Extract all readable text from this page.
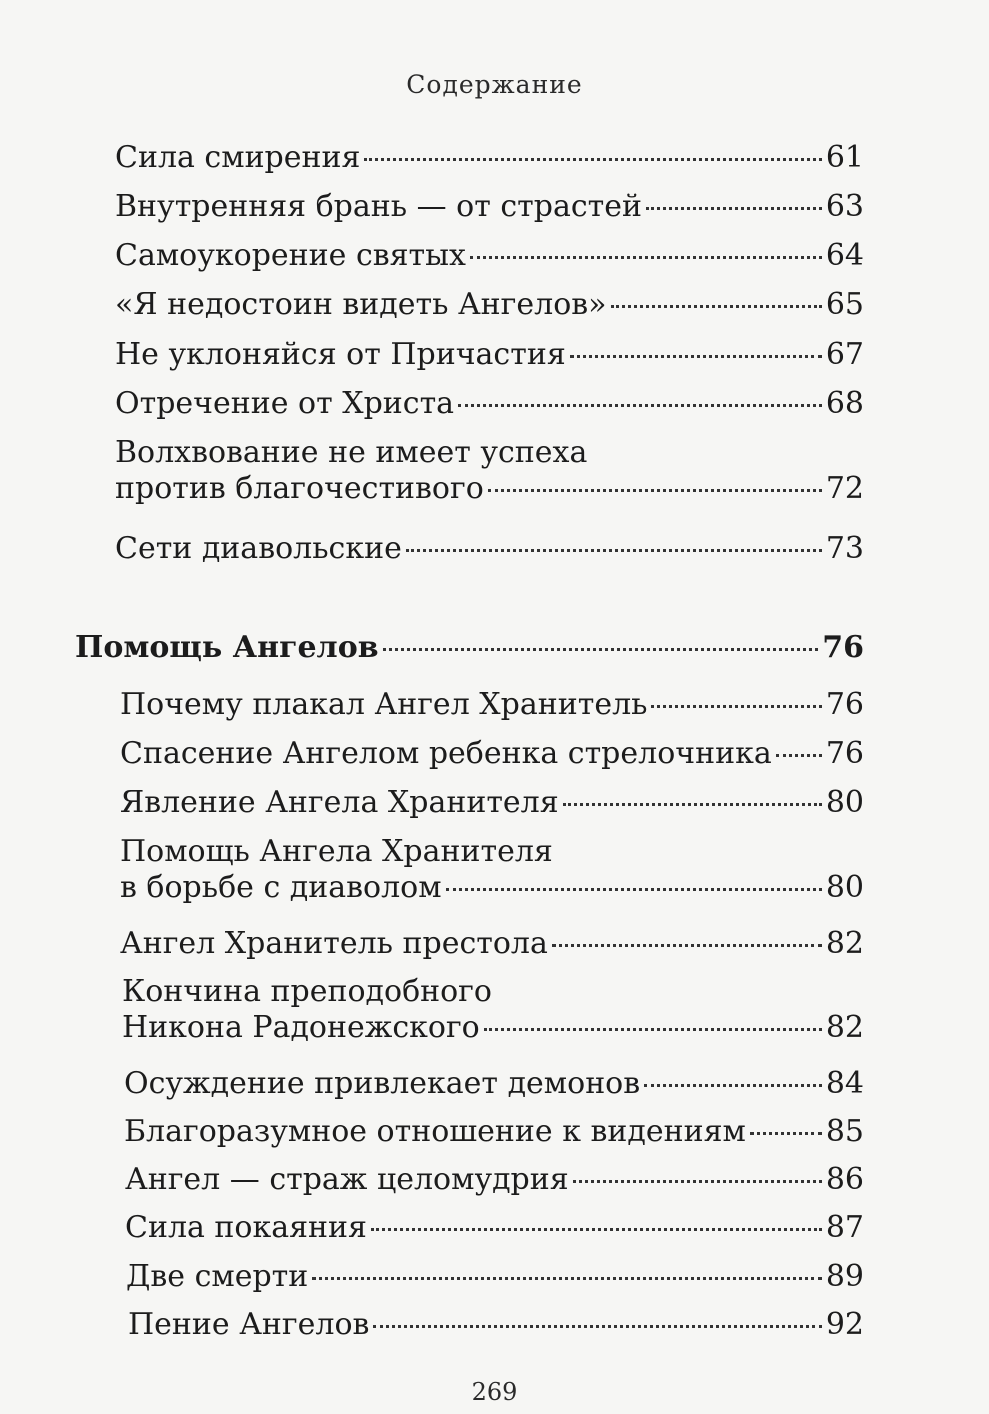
Содержание
Сила смирения	61
Внутренняя брань — от страстей	63
Самоукорение святых	64
«Я недостоин видеть Ангелов»	65
Не уклоняйся от Причастия	67
Отречение от Христа	68
Волхвование не имеет успеха
против благочестивого	72
Сети диавольские	73
Помощь Ангелов	76
Почему плакал Ангел Хранитель	76
Спасение Ангелом ребенка стрелочника 76
Явление Ангела Хранителя	80
Помощь Ангела Хранителя
в борьбе с диаволом	80
Ангел Хранитель престола	82
Кончина преподобного
Никона Радонежского	82
Осуждение привлекает демонов	84
Благоразумное отношение к видениям	85
Ангел — страж целомудрия	86
Сила покаяния	87
Две смерти	89
Пение Ангелов	92
269
